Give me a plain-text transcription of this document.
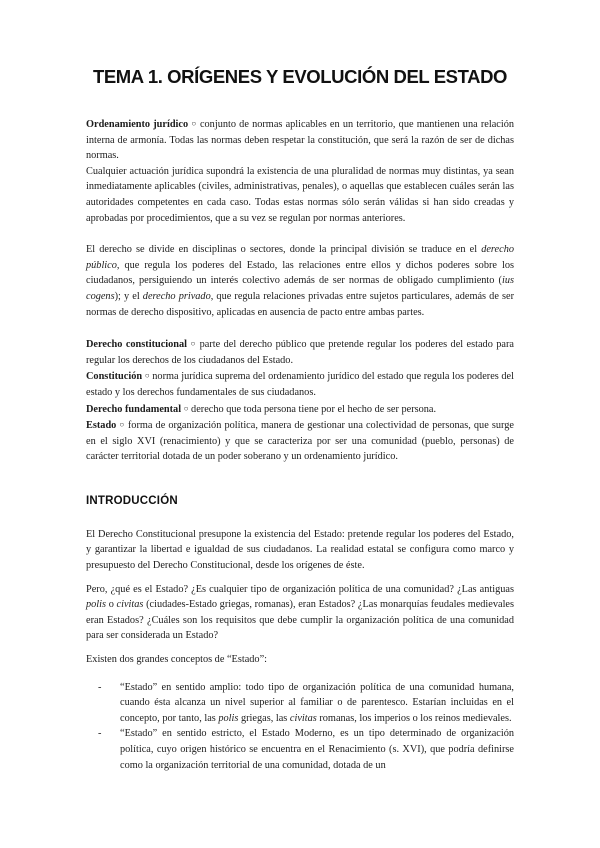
TEMA 1. ORÍGENES Y EVOLUCIÓN DEL ESTADO

Ordenamiento jurídico ○ conjunto de normas aplicables en un territorio, que mantienen una relación interna de armonía. Todas las normas deben respetar la constitución, que será la razón de ser de dichas normas.

Cualquier actuación jurídica supondrá la existencia de una pluralidad de normas muy distintas, ya sean inmediatamente aplicables (civiles, administrativas, penales), o aquellas que establecen cuáles serán las autoridades competentes en cada caso. Todas estas normas sólo serán válidas si han sido creadas y aprobadas por procedimientos, que a su vez se regulan por normas anteriores.

El derecho se divide en disciplinas o sectores, donde la principal división se traduce en el derecho público, que regula los poderes del Estado, las relaciones entre ellos y dichos poderes sobre los ciudadanos, persiguiendo un interés colectivo además de ser normas de obligado cumplimiento (ius cogens); y el derecho privado, que regula relaciones privadas entre sujetos particulares, además de ser normas de derecho dispositivo, aplicadas en ausencia de pacto entre ambas partes.

Derecho constitucional ○ parte del derecho público que pretende regular los poderes del estado para regular los derechos de los ciudadanos del Estado.

Constitución ○ norma jurídica suprema del ordenamiento jurídico del estado que regula los poderes del estado y los derechos fundamentales de sus ciudadanos.

Derecho fundamental ○ derecho que toda persona tiene por el hecho de ser persona.

Estado ○ forma de organización política, manera de gestionar una colectividad de personas, que surge en el siglo XVI (renacimiento) y que se caracteriza por ser una comunidad (pueblo, personas) de carácter territorial dotada de un poder soberano y un ordenamiento jurídico.

INTRODUCCIÓN

El Derecho Constitucional presupone la existencia del Estado: pretende regular los poderes del Estado, y garantizar la libertad e igualdad de sus ciudadanos. La realidad estatal se configura como marco y presupuesto del Derecho Constitucional, desde los orígenes de éste.

Pero, ¿qué es el Estado? ¿Es cualquier tipo de organización política de una comunidad? ¿Las antiguas polis o civitas (ciudades-Estado griegas, romanas), eran Estados? ¿Las monarquías feudales medievales eran Estados? ¿Cuáles son los requisitos que debe cumplir la organización política de una comunidad para ser considerada un Estado?

Existen dos grandes conceptos de “Estado”:

- “Estado” en sentido amplio: todo tipo de organización política de una comunidad humana, cuando ésta alcanza un nivel superior al familiar o de parentesco. Estarían incluidas en el concepto, por tanto, las polis griegas, las civitas romanas, los imperios o los reinos medievales.

- “Estado” en sentido estricto, el Estado Moderno, es un tipo determinado de organización política, cuyo origen histórico se encuentra en el Renacimiento (s. XVI), que podría definirse como la organización territorial de una comunidad, dotada de un
